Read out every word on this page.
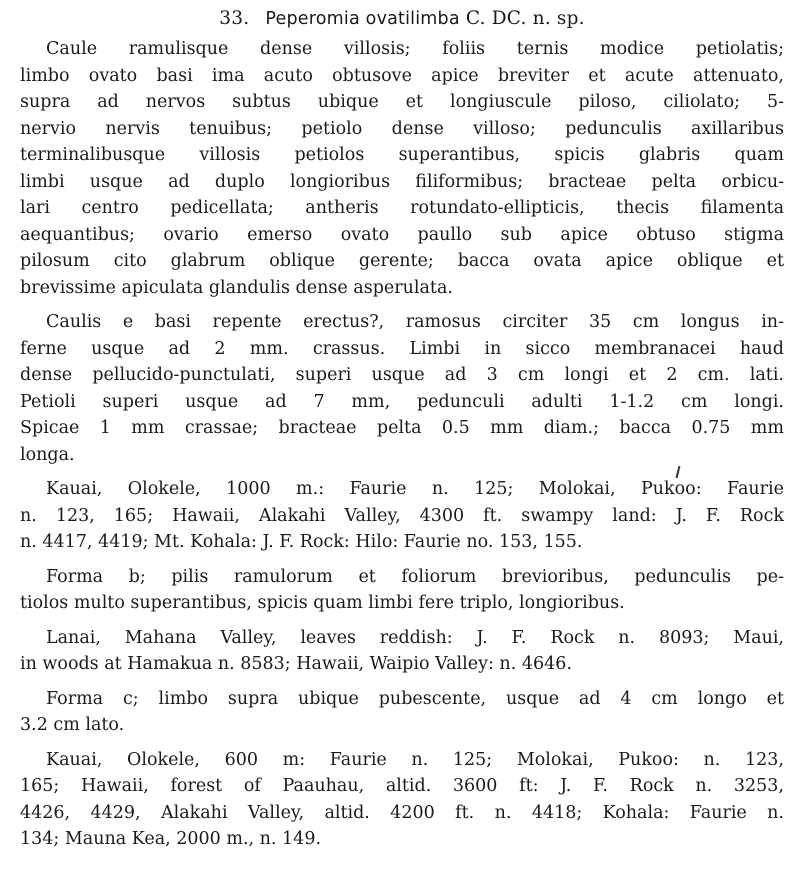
33. Peperomia ovatilimba C. DC. n. sp.
Caule ramulisque dense villosis; foliis ternis modice petiolatis;
limbo ovato basi ima acuto obtusove apice breviter et acute attenuato,
supra ad nervos subtus ubique et longiuscule piloso, ciliolato; 5-
nervio nervis tenuibus; petiolo dense villoso; pedunculis axillaribus
terminalibusque villosis petiolos superantibus, spicis glabris quam
limbi usque ad duplo longioribus filiformibus; bracteae pelta orbicu-
lari centro pedicellata; antheris rotundato-ellipticis, thecis filamenta
aequantibus; ovario emerso ovato paullo sub apice obtuso stigma
pilosum cito glabrum oblique gerente; bacca ovata apice oblique et
brevissime apiculata glandulis dense asperulata.
Caulis e basi repente erectus?, ramosus circiter 35 cm longus in-
ferne usque ad 2 mm. crassus. Limbi in sicco membranacei haud
dense pellucido-punctulati, superi usque ad 3 cm longi et 2 cm. lati.
Petioli superi usque ad 7 mm, pedunculi adulti 1-1.2 cm longi.
Spicae 1 mm crassae; bracteae pelta 0.5 mm diam.; bacca 0.75 mm
longa.
Kauai, Olokele, 1000 m.: Faurie n. 125; Molokai, Pukoo: Faurie
n. 123, 165; Hawaii, Alakahi Valley, 4300 ft. swampy land: J. F. Rock
n. 4417, 4419; Mt. Kohala: J. F. Rock: Hilo: Faurie no. 153, 155.
Forma b; pilis ramulorum et foliorum brevioribus, pedunculis pe-
tiolos multo superantibus, spicis quam limbi fere triplo, longioribus.
Lanai, Mahana Valley, leaves reddish: J. F. Rock n. 8093; Maui,
in woods at Hamakua n. 8583; Hawaii, Waipio Valley: n. 4646.
Forma c; limbo supra ubique pubescente, usque ad 4 cm longo et
3.2 cm lato.
Kauai, Olokele, 600 m: Faurie n. 125; Molokai, Pukoo: n. 123,
165; Hawaii, forest of Paauhau, altid. 3600 ft: J. F. Rock n. 3253,
4426, 4429, Alakahi Valley, altid. 4200 ft. n. 4418; Kohala: Faurie n.
134; Mauna Kea, 2000 m., n. 149.
